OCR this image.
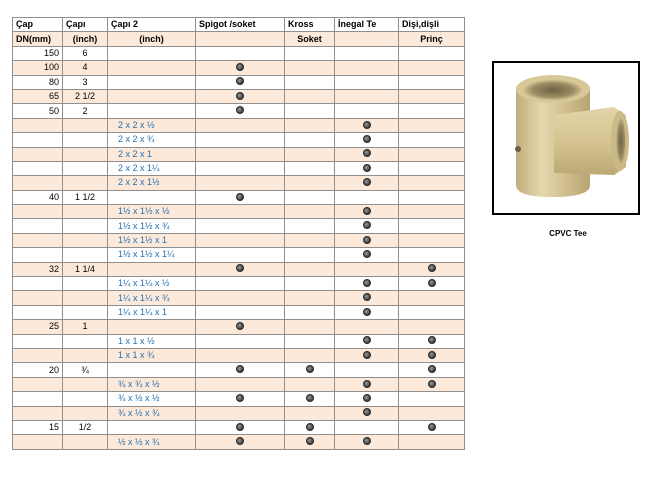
Çap	Çapı	Çapı 2	Spigot /soket	Kross	İnegal Te	Dişi,dişli
DN(mm)	(inch)	(inch)		Soket		Prinç
150	6					
100	4					
80	3					
65	2 1/2					
50	2					
		2 x 2 x ½				
		2 x 2 x ¾				
		2 x 2 x 1				
		2 x 2 x 1¼				
		2 x 2 x 1½				
40	1 1/2					
		1½ x 1½ x ½				
		1½ x 1½ x ¾				
		1½ x 1½ x 1				
		1½ x 1½ x 1¼				
32	1 1/4					
		1¼ x 1¼ x ½				
		1¼ x 1¼ x ¾				
		1¼ x 1¼ x 1				
25	1					
		1 x 1 x ½				
		1 x 1 x ¾				
20	¾					
		¾ x ¾ x ½				
		¾ x ½ x ½				
		¾ x ½ x ¾				
15	1/2					
		½ x ½ x ¾				
CPVC Tee
